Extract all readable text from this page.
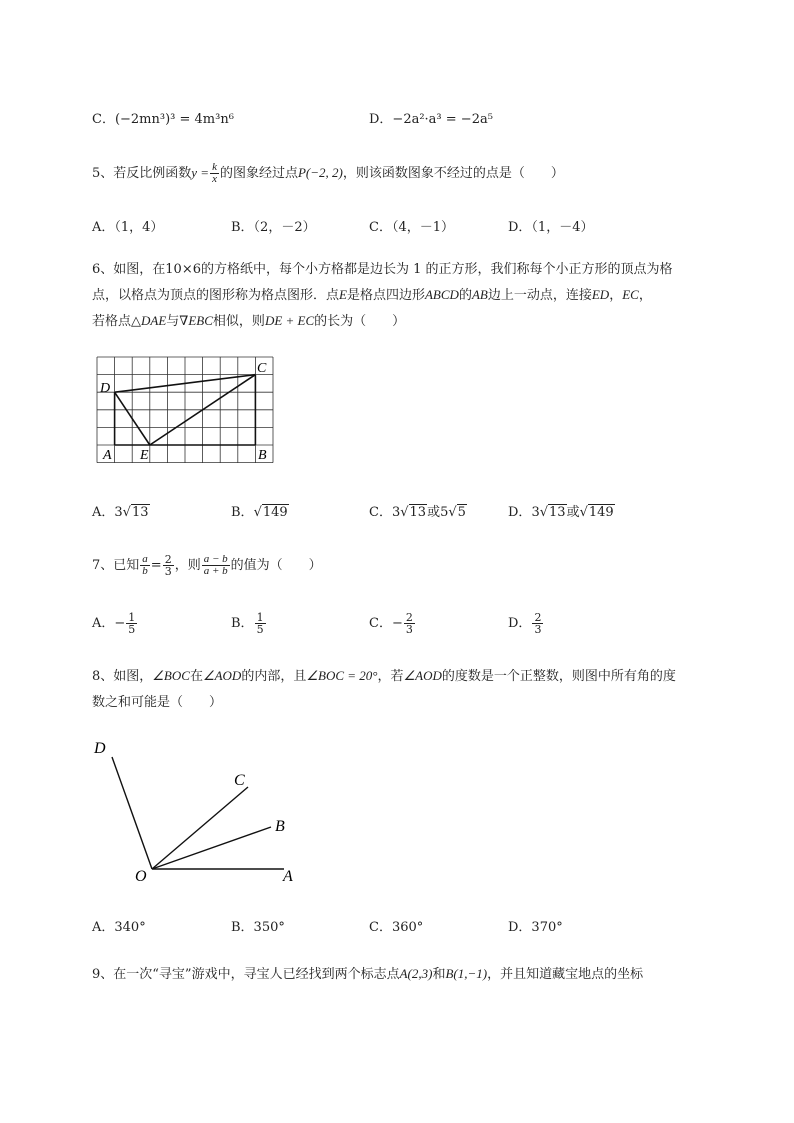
C．(−2mn³)³ = 4m³n⁶	D．−2a²·a³ = −2a⁵
5、若反比例函数$y = \frac{k}{x}$ 的图象经过点P(−2, 2)，则该函数图象不经过的点是（　　）
A．（1，4）	B．（2，－2）	C．（4，－1）	D．（1，－4）
6、如图，在10×6的方格纸中，每个小方格都是边长为 1 的正方形，我们称每个小正方形的顶点为格
点，以格点为顶点的图形称为格点图形．点E是格点四边形ABCD的AB边上一动点，连接ED，EC，
若格点△DAE与∇EBC相似，则DE + EC的长为（　　）
D
C
A E	B
A．3√13	B．√149	C．3√13或5√5	D．3√13或√149
7、已知 $\frac{a}{b} = \frac{2}{3}$ ，则 $\frac{a - b}{a + b}$ 的值为（　　）
A．− $\frac{1}{5}$	B． $\frac{1}{5}$	C．− $\frac{2}{3}$	D． $\frac{2}{3}$
8、如图，∠BOC在∠AOD的内部，且∠BOC = 20°，若∠AOD的度数是一个正整数，则图中所有角的度
数之和可能是（　　）
D
C
B
O	A
A．340°	B．350°	C．360°	D．370°
9、在一次“寻宝”游戏中，寻宝人已经找到两个标志点A(2,3)和B(1,−1)，并且知道藏宝地点的坐标
